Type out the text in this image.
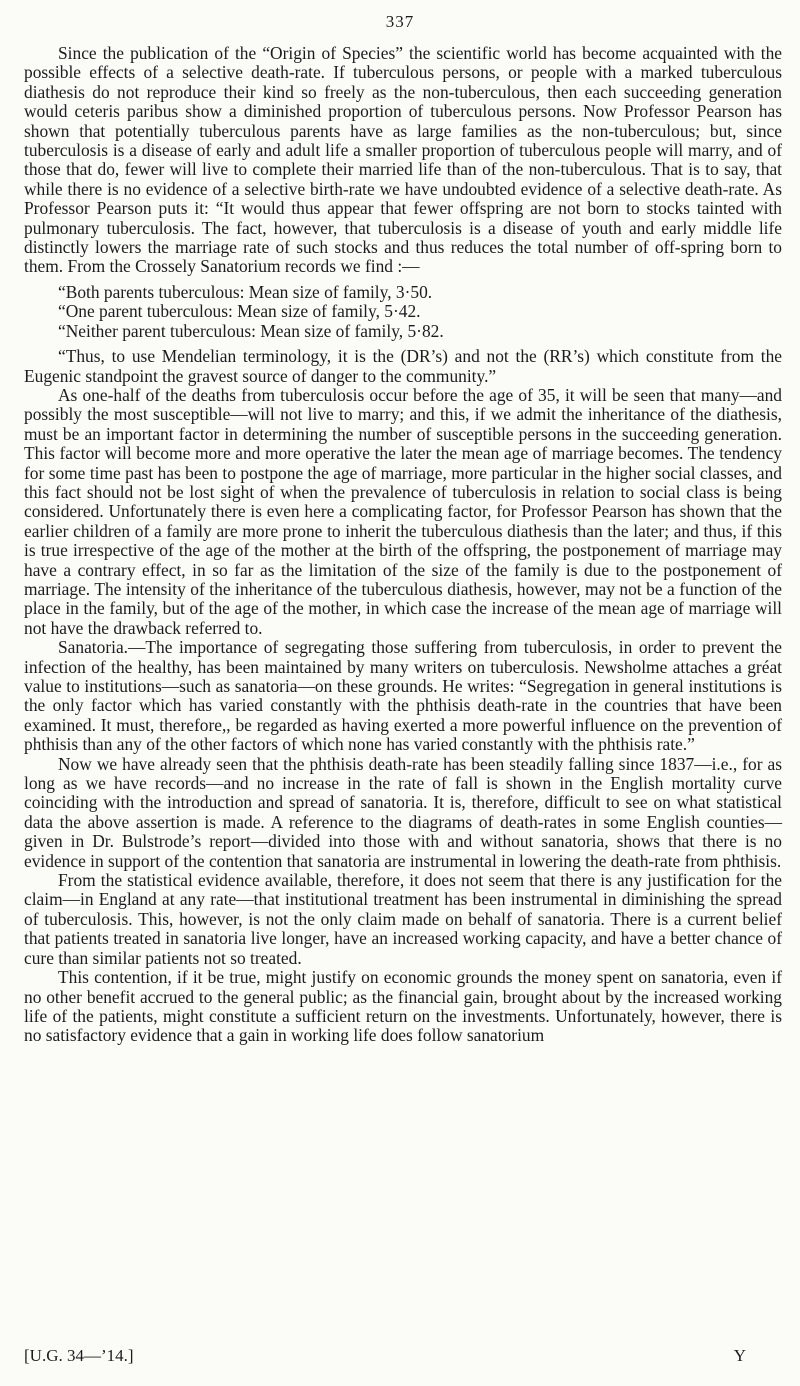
337

Since the publication of the “Origin of Species” the scientific world has become acquainted with the possible effects of a selective death-rate. If tuberculous persons, or people with a marked tuberculous diathesis do not reproduce their kind so freely as the non-tuberculous, then each succeeding generation would ceteris paribus show a diminished proportion of tuberculous persons. Now Professor Pearson has shown that potentially tuberculous parents have as large families as the non-tuberculous; but, since tuberculosis is a disease of early and adult life a smaller proportion of tuberculous people will marry, and of those that do, fewer will live to complete their married life than of the non-tuberculous. That is to say, that while there is no evidence of a selective birth-rate we have undoubted evidence of a selective death-rate. As Professor Pearson puts it: “It would thus appear that fewer offspring are not born to stocks tainted with pulmonary tuberculosis. The fact, however, that tuberculosis is a disease of youth and early middle life distinctly lowers the marriage rate of such stocks and thus reduces the total number of off-spring born to them. From the Crossely Sanatorium records we find :—

“Both parents tuberculous: Mean size of family, 3·50.
“One parent tuberculous: Mean size of family, 5·42.
“Neither parent tuberculous: Mean size of family, 5·82.

“Thus, to use Mendelian terminology, it is the (DR’s) and not the (RR’s) which constitute from the Eugenic standpoint the gravest source of danger to the community.”

As one-half of the deaths from tuberculosis occur before the age of 35, it will be seen that many—and possibly the most susceptible—will not live to marry; and this, if we admit the inheritance of the diathesis, must be an important factor in determining the number of susceptible persons in the succeeding generation. This factor will become more and more operative the later the mean age of marriage becomes. The tendency for some time past has been to postpone the age of marriage, more particular in the higher social classes, and this fact should not be lost sight of when the prevalence of tuberculosis in relation to social class is being considered. Unfortunately there is even here a complicating factor, for Professor Pearson has shown that the earlier children of a family are more prone to inherit the tuberculous diathesis than the later; and thus, if this is true irrespective of the age of the mother at the birth of the offspring, the postponement of marriage may have a contrary effect, in so far as the limitation of the size of the family is due to the postponement of marriage. The intensity of the inheritance of the tuberculous diathesis, however, may not be a function of the place in the family, but of the age of the mother, in which case the increase of the mean age of marriage will not have the drawback referred to.

Sanatoria.—The importance of segregating those suffering from tuberculosis, in order to prevent the infection of the healthy, has been maintained by many writers on tuberculosis. Newsholme attaches a gréat value to institutions—such as sanatoria—on these grounds. He writes: “Segregation in general institutions is the only factor which has varied constantly with the phthisis death-rate in the countries that have been examined. It must, therefore,, be regarded as having exerted a more powerful influence on the prevention of phthisis than any of the other factors of which none has varied constantly with the phthisis rate.”

Now we have already seen that the phthisis death-rate has been steadily falling since 1837—i.e., for as long as we have records—and no increase in the rate of fall is shown in the English mortality curve coinciding with the introduction and spread of sanatoria. It is, therefore, difficult to see on what statistical data the above assertion is made. A reference to the diagrams of death-rates in some English counties—given in Dr. Bulstrode’s report—divided into those with and without sanatoria, shows that there is no evidence in support of the contention that sanatoria are instrumental in lowering the death-rate from phthisis.

From the statistical evidence available, therefore, it does not seem that there is any justification for the claim—in England at any rate—that institutional treatment has been instrumental in diminishing the spread of tuberculosis. This, however, is not the only claim made on behalf of sanatoria. There is a current belief that patients treated in sanatoria live longer, have an increased working capacity, and have a better chance of cure than similar patients not so treated.

This contention, if it be true, might justify on economic grounds the money spent on sanatoria, even if no other benefit accrued to the general public; as the financial gain, brought about by the increased working life of the patients, might constitute a sufficient return on the investments. Unfortunately, however, there is no satisfactory evidence that a gain in working life does follow sanatorium

[U.G. 34—’14.]	Y
